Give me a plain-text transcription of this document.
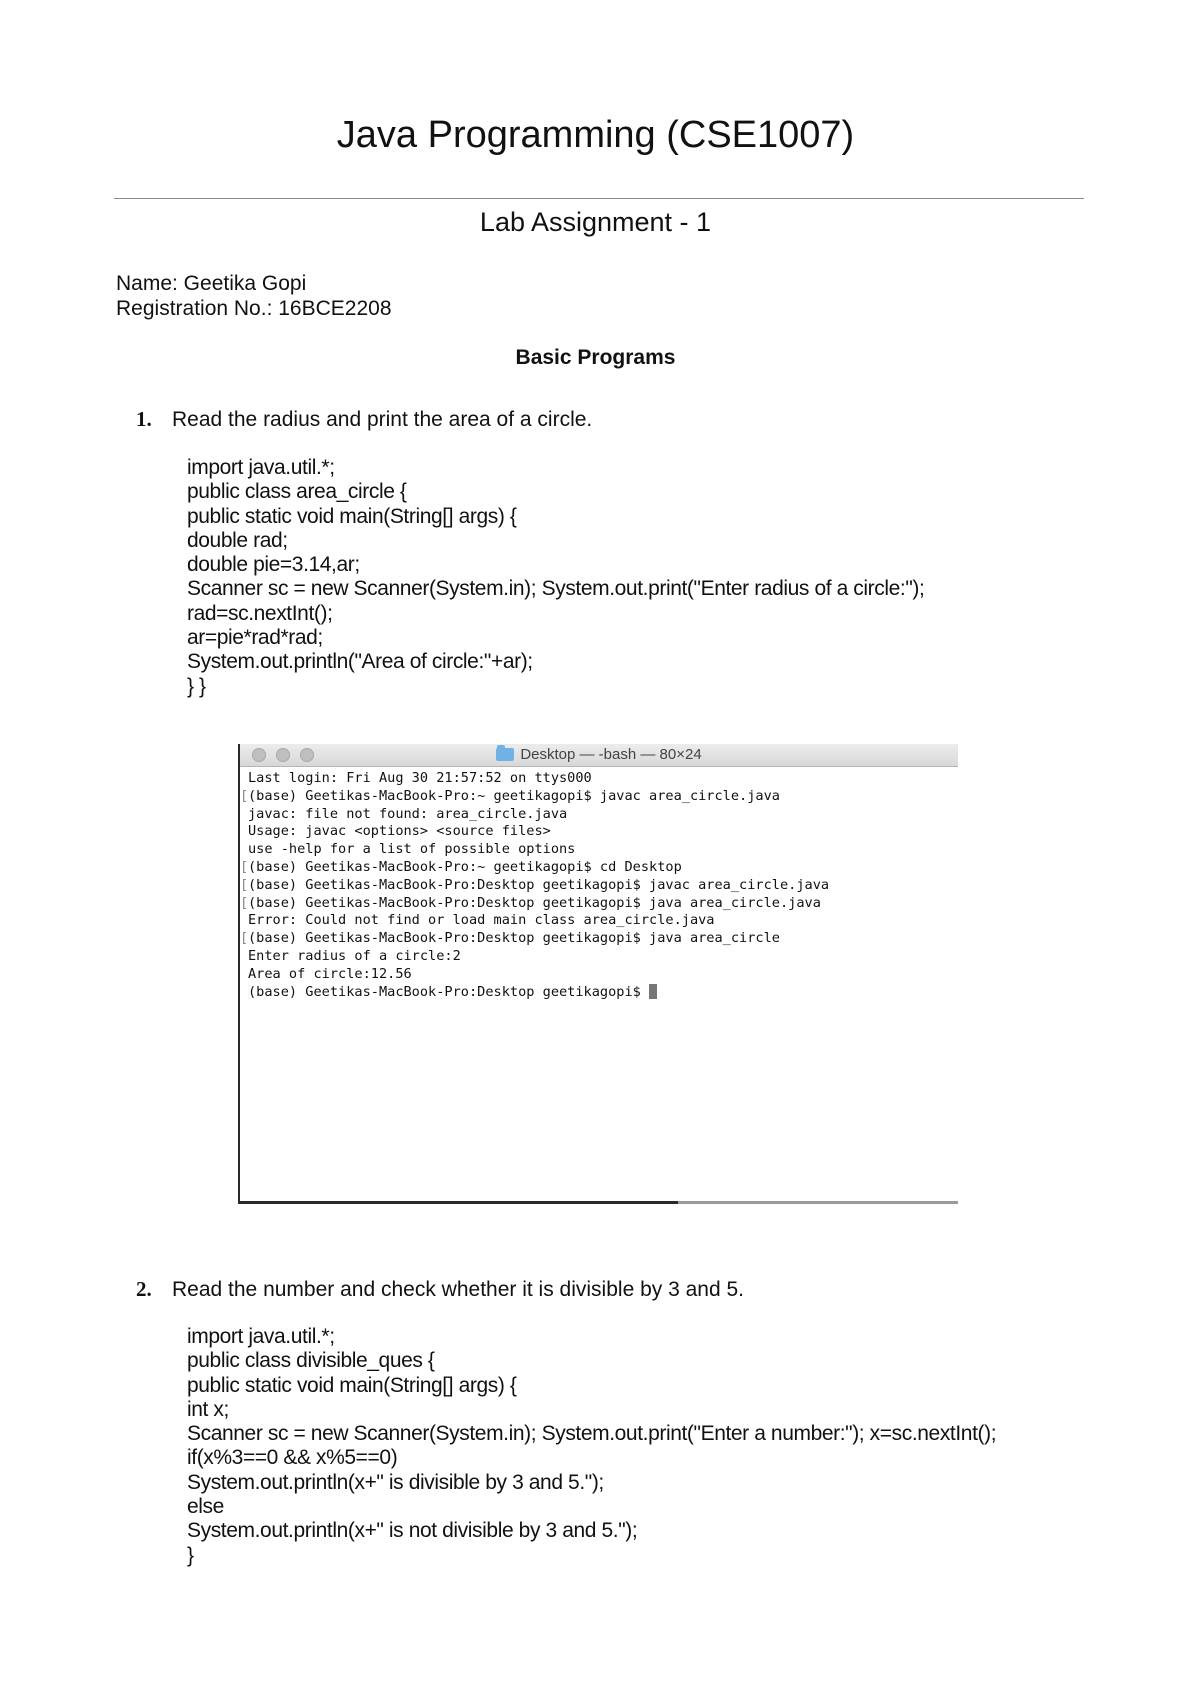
Java Programming (CSE1007)
Lab Assignment - 1
Name: Geetika Gopi
Registration No.: 16BCE2208
Basic Programs
1. Read the radius and print the area of a circle.
import java.util.*;
public class area_circle {
public static void main(String[] args) {
double rad;
double pie=3.14,ar;
Scanner sc = new Scanner(System.in); System.out.print("Enter radius of a circle:");
rad=sc.nextInt();
ar=pie*rad*rad;
System.out.println("Area of circle:"+ar);
} }
Desktop — -bash — 80×24
Last login: Fri Aug 30 21:57:52 on ttys000
[ (base) Geetikas-MacBook-Pro:~ geetikagopi$ javac area_circle.java
javac: file not found: area_circle.java
Usage: javac <options> <source files>
use -help for a list of possible options
[ (base) Geetikas-MacBook-Pro:~ geetikagopi$ cd Desktop
[ (base) Geetikas-MacBook-Pro:Desktop geetikagopi$ javac area_circle.java
[ (base) Geetikas-MacBook-Pro:Desktop geetikagopi$ java area_circle.java
Error: Could not find or load main class area_circle.java
[ (base) Geetikas-MacBook-Pro:Desktop geetikagopi$ java area_circle
Enter radius of a circle:2
Area of circle:12.56
(base) Geetikas-MacBook-Pro:Desktop geetikagopi$
2. Read the number and check whether it is divisible by 3 and 5.
import java.util.*;
public class divisible_ques {
public static void main(String[] args) {
int x;
Scanner sc = new Scanner(System.in); System.out.print("Enter a number:"); x=sc.nextInt();
if(x%3==0 && x%5==0)
System.out.println(x+" is divisible by 3 and 5.");
else
System.out.println(x+" is not divisible by 3 and 5.");
}
